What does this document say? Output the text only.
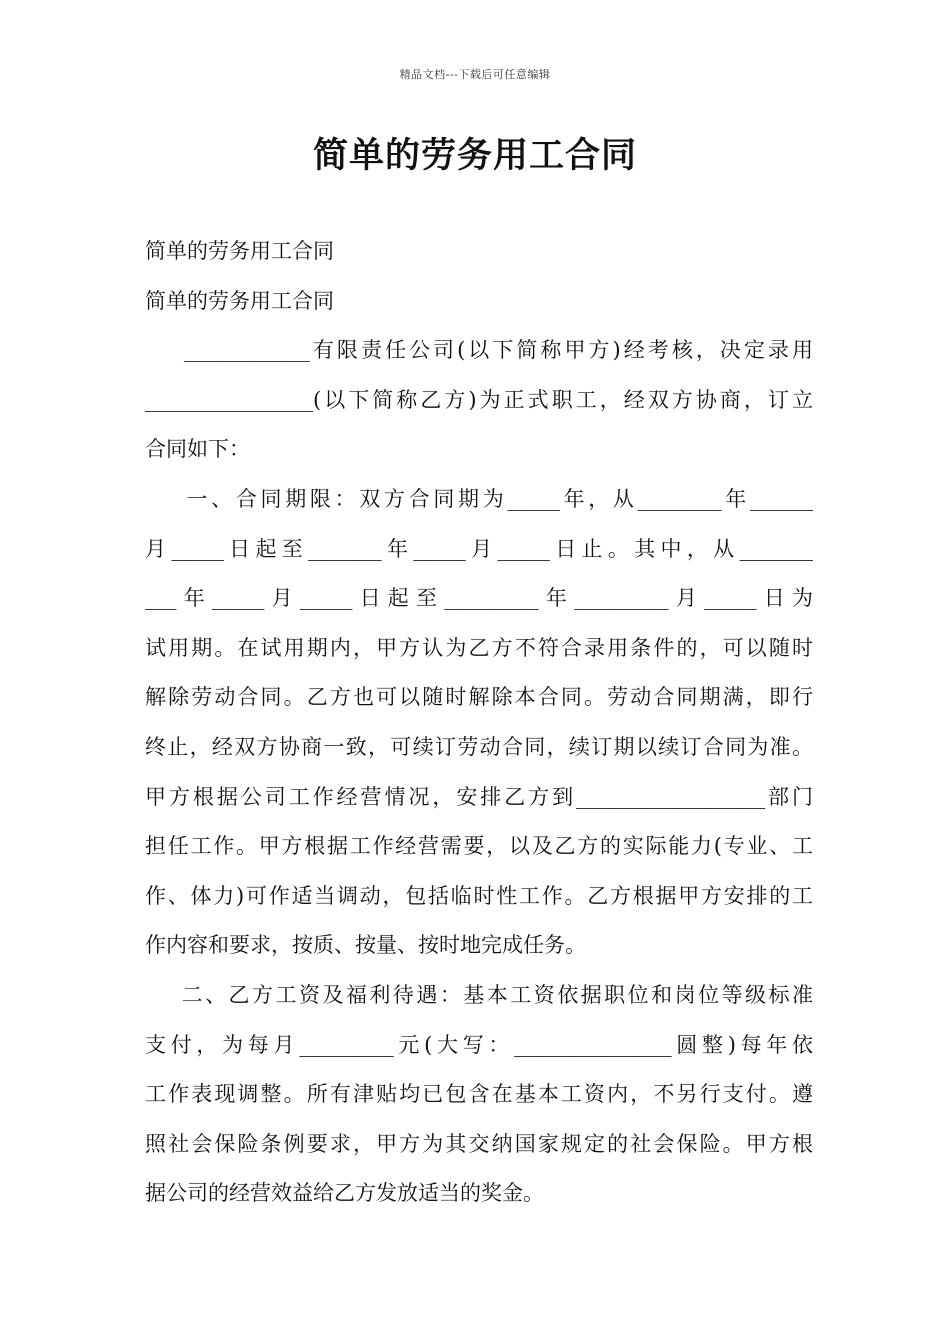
精品文档---下载后可任意编辑
简单的劳务用工合同
简单的劳务用工合同
简单的劳务用工合同
____________有限责任公司(以下简称甲方)经考核，决定录用
________________(以下简称乙方)为正式职工，经双方协商，订立
合同如下：
一、合同期限：双方合同期为_____年，从________年______
月_____日起至_______年_____月_____日止。其中，从_______
___年_____月_____日起至_________年_________月_____日为
试用期。在试用期内，甲方认为乙方不符合录用条件的，可以随时
解除劳动合同。乙方也可以随时解除本合同。劳动合同期满，即行
终止，经双方协商一致，可续订劳动合同，续订期以续订合同为准。
甲方根据公司工作经营情况，安排乙方到__________________部门
担任工作。甲方根据工作经营需要，以及乙方的实际能力(专业、工
作、体力)可作适当调动，包括临时性工作。乙方根据甲方安排的工
作内容和要求，按质、按量、按时地完成任务。
二、乙方工资及福利待遇：基本工资依据职位和岗位等级标准
支付，为每月_________元(大写：_______________圆整)每年依
工作表现调整。所有津贴均已包含在基本工资内，不另行支付。遵
照社会保险条例要求，甲方为其交纳国家规定的社会保险。甲方根
据公司的经营效益给乙方发放适当的奖金。
